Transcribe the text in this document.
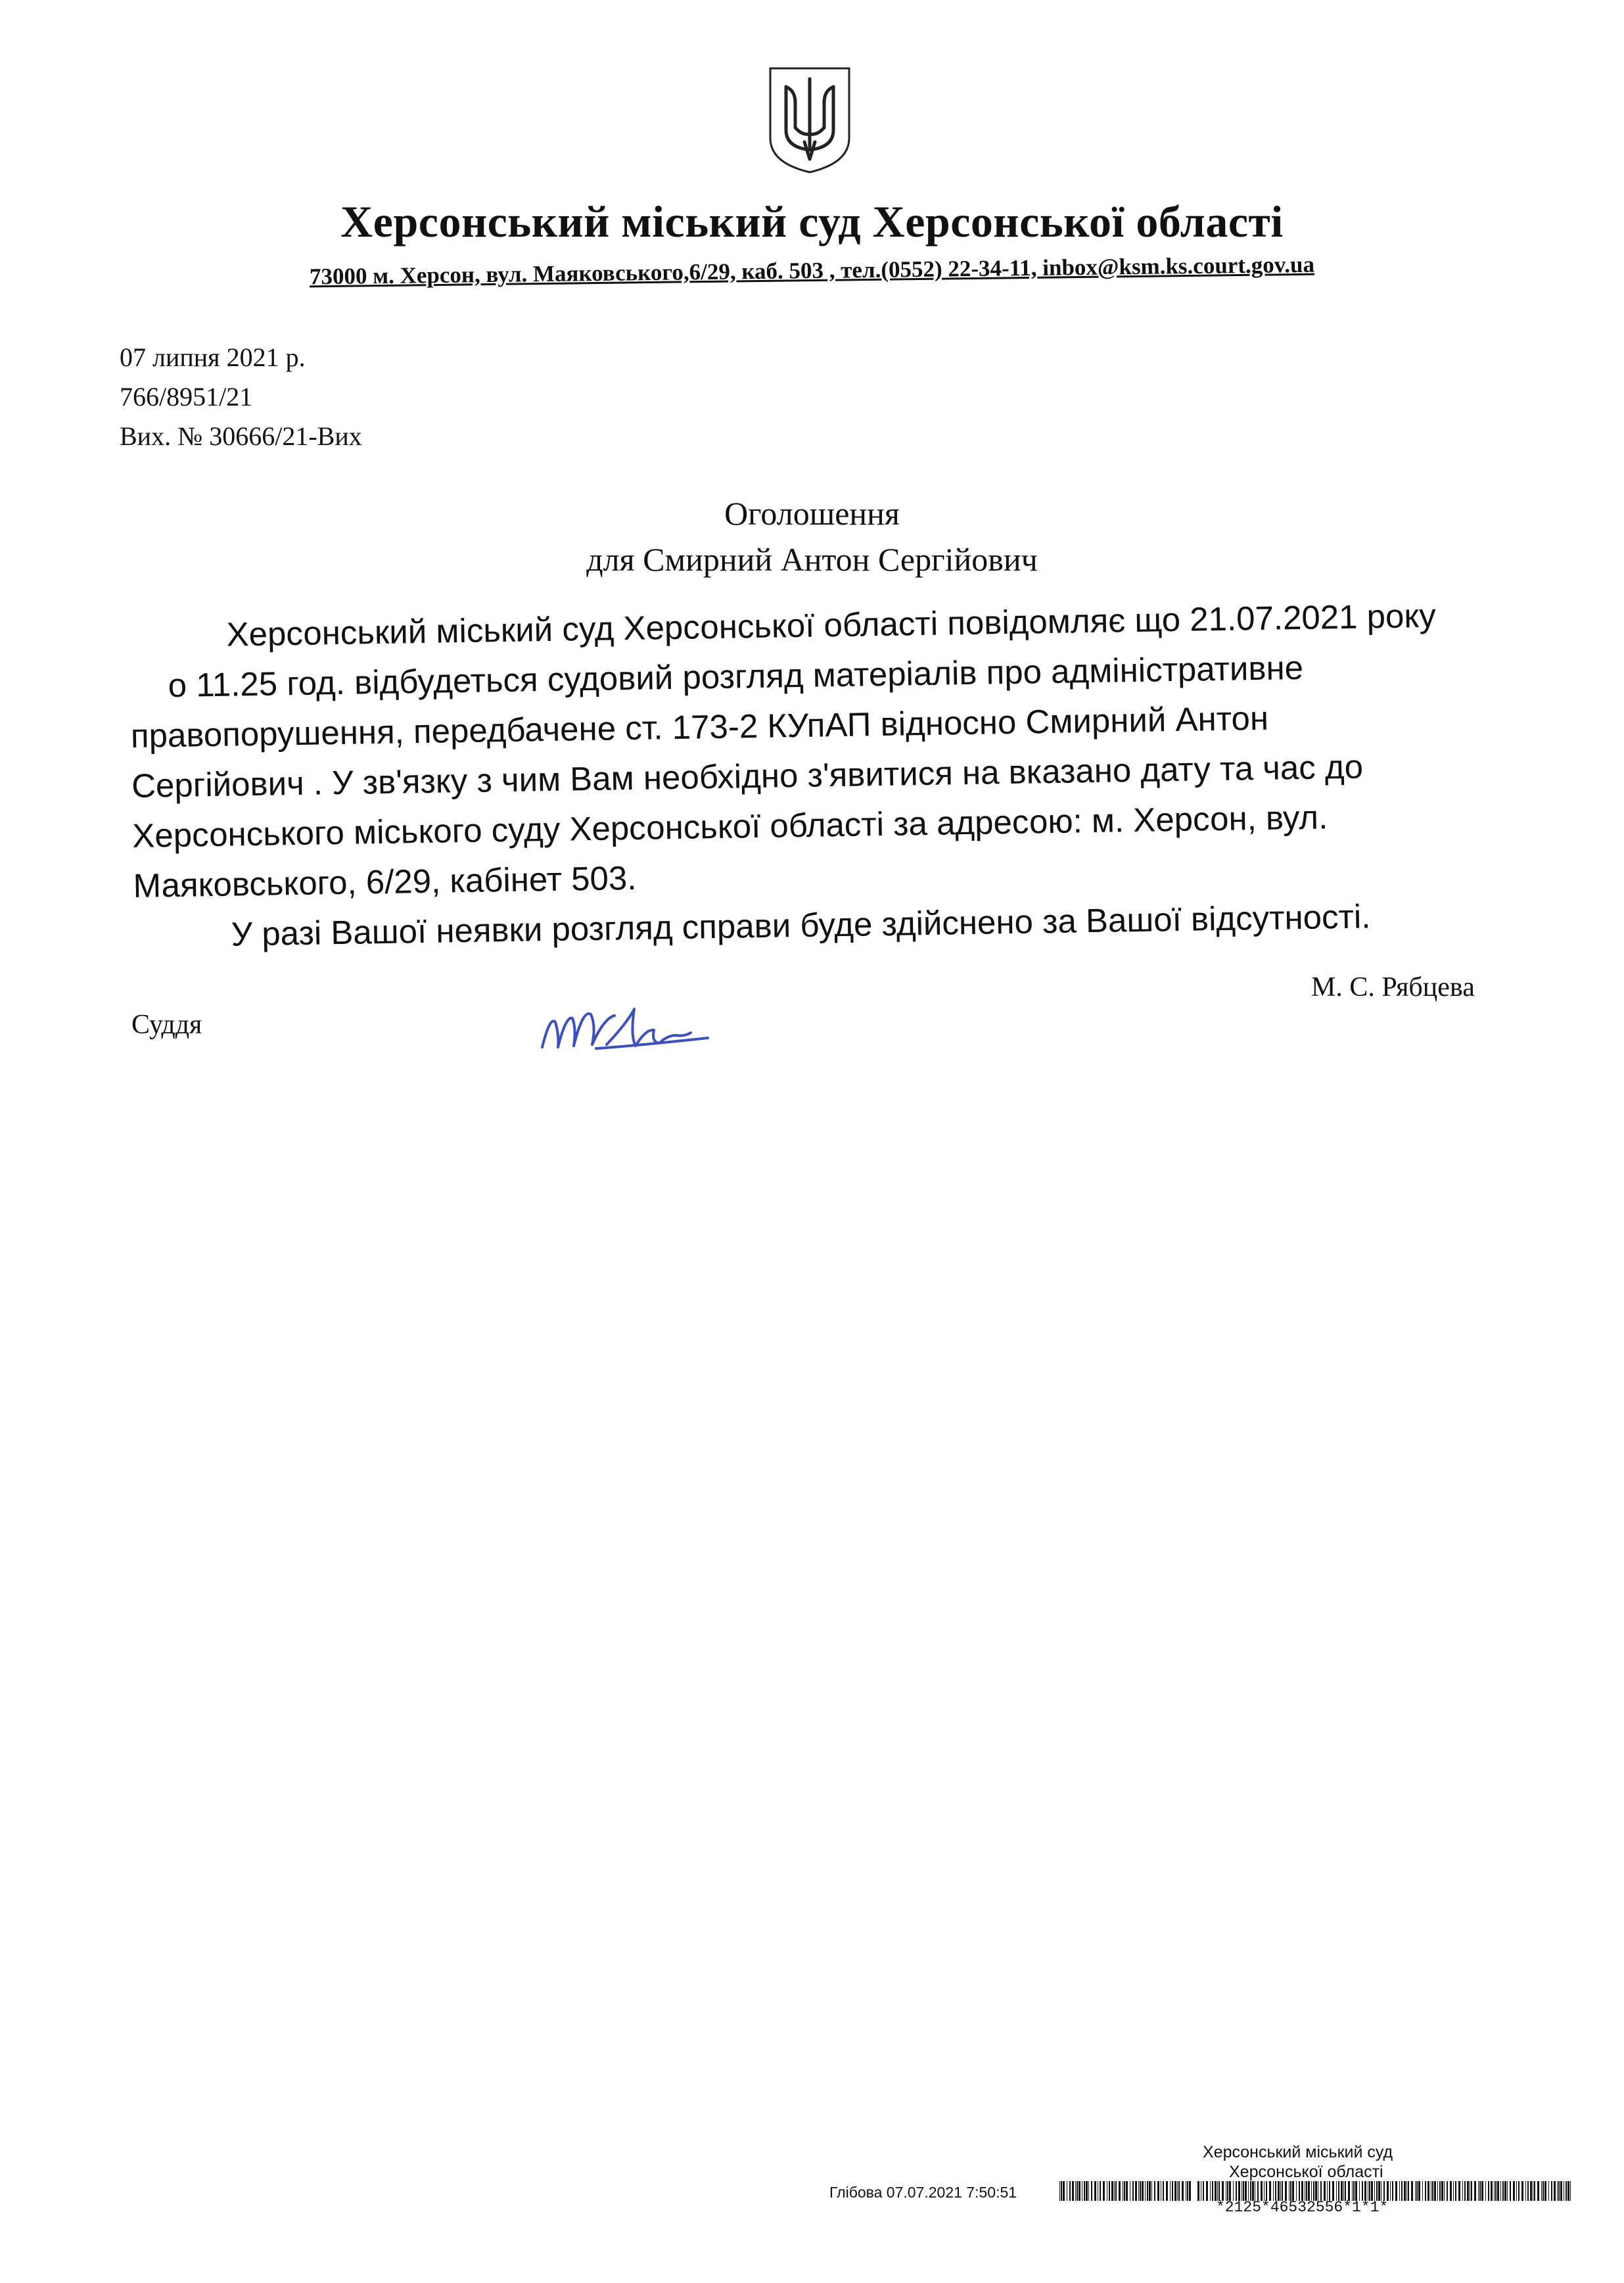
Херсонський міський суд Херсонської області
73000 м. Херсон, вул. Маяковського,6/29, каб. 503 , тел.(0552) 22-34-11, inbox@ksm.ks.court.gov.ua
07 липня 2021 р.
766/8951/21
Вих. № 30666/21-Вих
Оголошення
для Смирний Антон Сергійович
Херсонський міський суд Херсонської області повідомляє що 21.07.2021 року
о 11.25 год. відбудеться судовий розгляд матеріалів про адміністративне
правопорушення, передбачене ст. 173-2 КУпАП відносно Смирний Антон
Сергійович . У зв'язку з чим Вам необхідно з'явитися на вказано дату та час до
Херсонського міського суду Херсонської області за адресою: м. Херсон, вул.
Маяковського, 6/29, кабінет 503.
У разі Вашої неявки розгляд справи буде здійснено за Вашої відсутності.
М. С. Рябцева
Суддя
Херсонський міський суд
Херсонської області
Глібова 07.07.2021 7:50:51
*2125*46532556*1*1*
